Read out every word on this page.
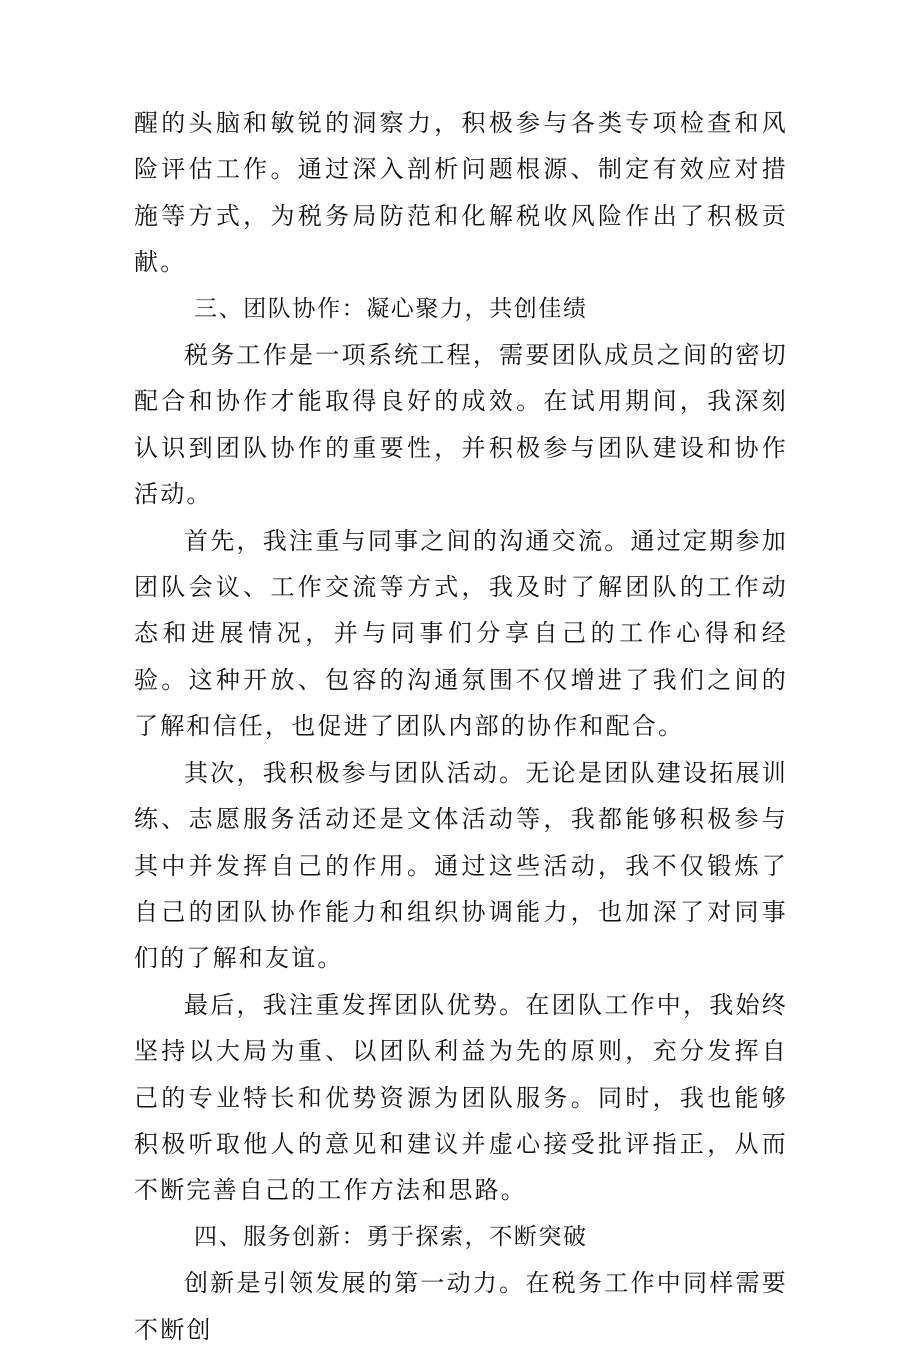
醒的头脑和敏锐的洞察力，积极参与各类专项检查和风险评估工作。通过深入剖析问题根源、制定有效应对措施等方式，为税务局防范和化解税收风险作出了积极贡献。

三、团队协作：凝心聚力，共创佳绩

税务工作是一项系统工程，需要团队成员之间的密切配合和协作才能取得良好的成效。在试用期间，我深刻认识到团队协作的重要性，并积极参与团队建设和协作活动。

首先，我注重与同事之间的沟通交流。通过定期参加团队会议、工作交流等方式，我及时了解团队的工作动态和进展情况，并与同事们分享自己的工作心得和经验。这种开放、包容的沟通氛围不仅增进了我们之间的了解和信任，也促进了团队内部的协作和配合。

其次，我积极参与团队活动。无论是团队建设拓展训练、志愿服务活动还是文体活动等，我都能够积极参与其中并发挥自己的作用。通过这些活动，我不仅锻炼了自己的团队协作能力和组织协调能力，也加深了对同事们的了解和友谊。

最后，我注重发挥团队优势。在团队工作中，我始终坚持以大局为重、以团队利益为先的原则，充分发挥自己的专业特长和优势资源为团队服务。同时，我也能够积极听取他人的意见和建议并虚心接受批评指正，从而不断完善自己的工作方法和思路。

四、服务创新：勇于探索，不断突破

创新是引领发展的第一动力。在税务工作中同样需要不断创
